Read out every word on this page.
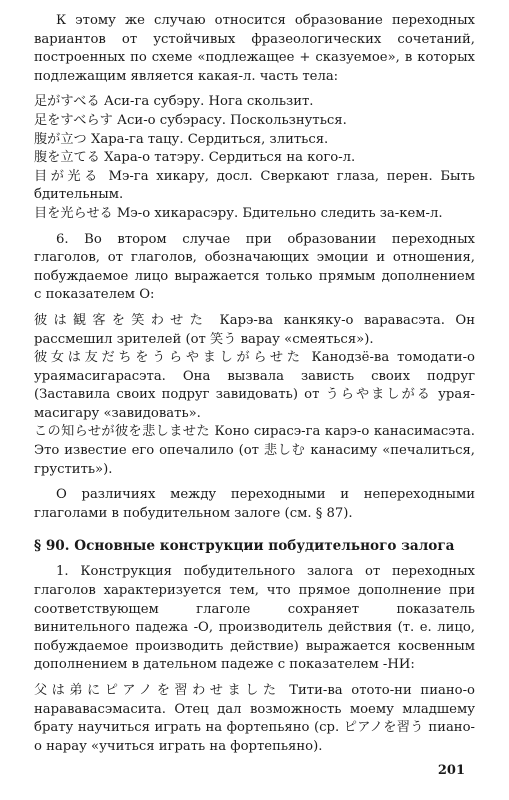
К этому же случаю относится образование переходных вариантов от устойчивых фразеологических сочетаний, построенных по схеме «подлежащее + сказуемое», в которых подлежащим является какая-л. часть тела:

足がすべる Аси-га субэру. Нога скользит.

足をすべらす Аси-о субэрасу. Поскользнуться.

腹が立つ Хара-га тацу. Сердиться, злиться.

腹を立てる Хара-о татэру. Сердиться на кого-л.

目が光る Мэ-га хикару, досл. Сверкают глаза, перен. Быть бдительным.

目を光らせる Мэ-о хикарасэру. Бдительно следить за-кем-л.

6. Во втором случае при образовании переходных глаголов, от глаголов, обозначающих эмоции и отношения, побуждаемое лицо выражается только прямым дополнением с показателем О:

彼は観客を笑わせた Карэ-ва канкяку-о варавасэта. Он рассмешил зрителей (от 笑う варау «смеяться»).

彼女は友だちをうらやましがらせた Канодзё-ва томодати-о ураямасигарасэта. Она вызвала зависть своих подруг (Заставила своих подруг завидовать) от うらやましがる урая-масигару «завидовать».

この知らせが彼を悲しませた Коно сирасэ-га карэ-о канасимасэта. Это известие его опечалило (от 悲しむ канасиму «печалиться, грустить»).

О различиях между переходными и непереходными глаголами в побудительном залоге (см. § 87).

§ 90. Основные конструкции побудительного залога

1. Конструкция побудительного залога от переходных глаголов характеризуется тем, что прямое дополнение при соответствующем глаголе сохраняет показатель винительного падежа -О, производитель действия (т. е. лицо, побуждаемое производить действие) выражается косвенным дополнением в дательном падеже с показателем -НИ:

父は弟にピアノを習わせました Тити-ва отото-ни пиано-о нарававасэмасита. Отец дал возможность моему младшему брату научиться играть на фортепьяно (ср. ピアノを習う пиано-о нарау «учиться играть на фортепьяно).

201
